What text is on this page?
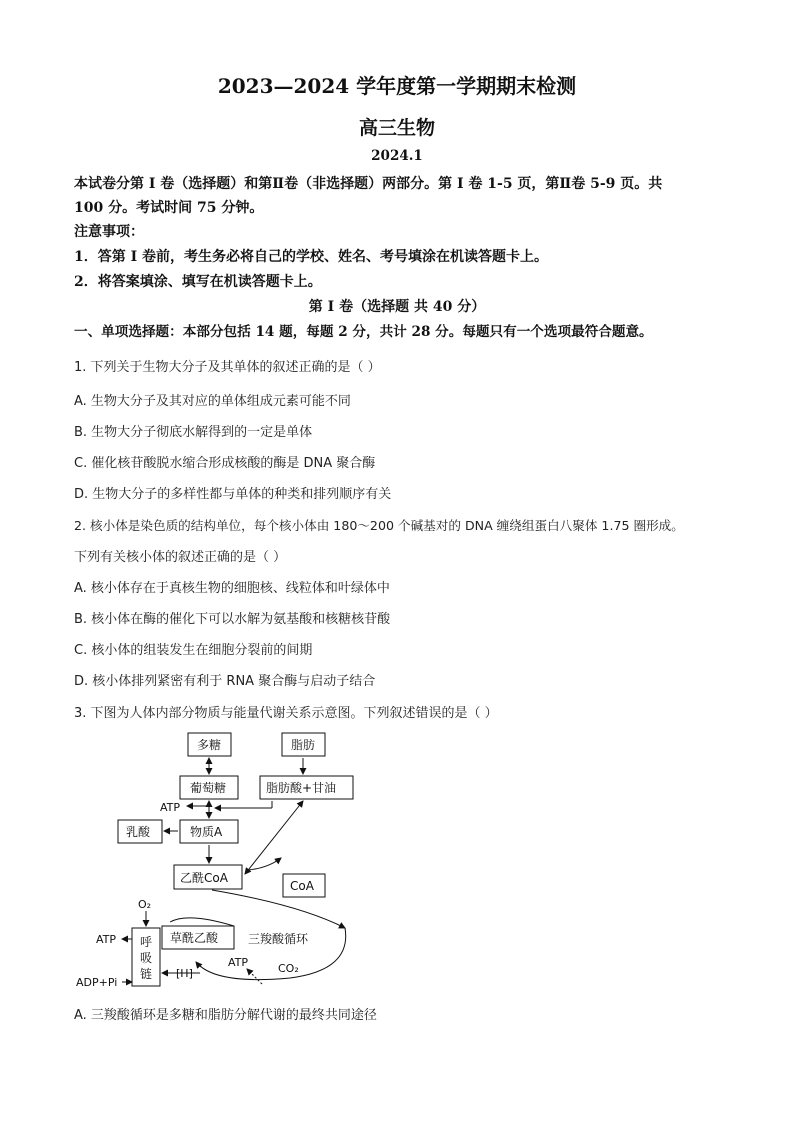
2023—2024 学年度第一学期期末检测
高三生物
2024.1
本试卷分第 I 卷（选择题）和第Ⅱ卷（非选择题）两部分。第 I 卷 1-5 页，第Ⅱ卷 5-9 页。共
100 分。考试时间 75 分钟。
注意事项：
1．答第 I 卷前，考生务必将自己的学校、姓名、考号填涂在机读答题卡上。
2．将答案填涂、填写在机读答题卡上。
第 I 卷（选择题 共 40 分）
一、单项选择题：本部分包括 14 题，每题 2 分，共计 28 分。每题只有一个选项最符合题意。
1. 下列关于生物大分子及其单体的叙述正确的是（ ）
A. 生物大分子及其对应的单体组成元素可能不同
B. 生物大分子彻底水解得到的一定是单体
C. 催化核苷酸脱水缩合形成核酸的酶是 DNA 聚合酶
D. 生物大分子的多样性都与单体的种类和排列顺序有关
2. 核小体是染色质的结构单位，每个核小体由 180～200 个碱基对的 DNA 缠绕组蛋白八聚体 1.75 圈形成。
下列有关核小体的叙述正确的是（ ）
A. 核小体存在于真核生物的细胞核、线粒体和叶绿体中
B. 核小体在酶的催化下可以水解为氨基酸和核糖核苷酸
C. 核小体的组装发生在细胞分裂前的间期
D. 核小体排列紧密有利于 RNA 聚合酶与启动子结合
3. 下图为人体内部分物质与能量代谢关系示意图。下列叙述错误的是（ ）
多糖	脂肪
葡萄糖	脂肪酸+甘油
ATP
乳酸	物质A
乙酰CoA
CoA
O₂
呼
吸
链
草酰乙酸 三羧酸循环
ATP
ADP+Pi
[H]
ATP	CO₂
A. 三羧酸循环是多糖和脂肪分解代谢的最终共同途径
